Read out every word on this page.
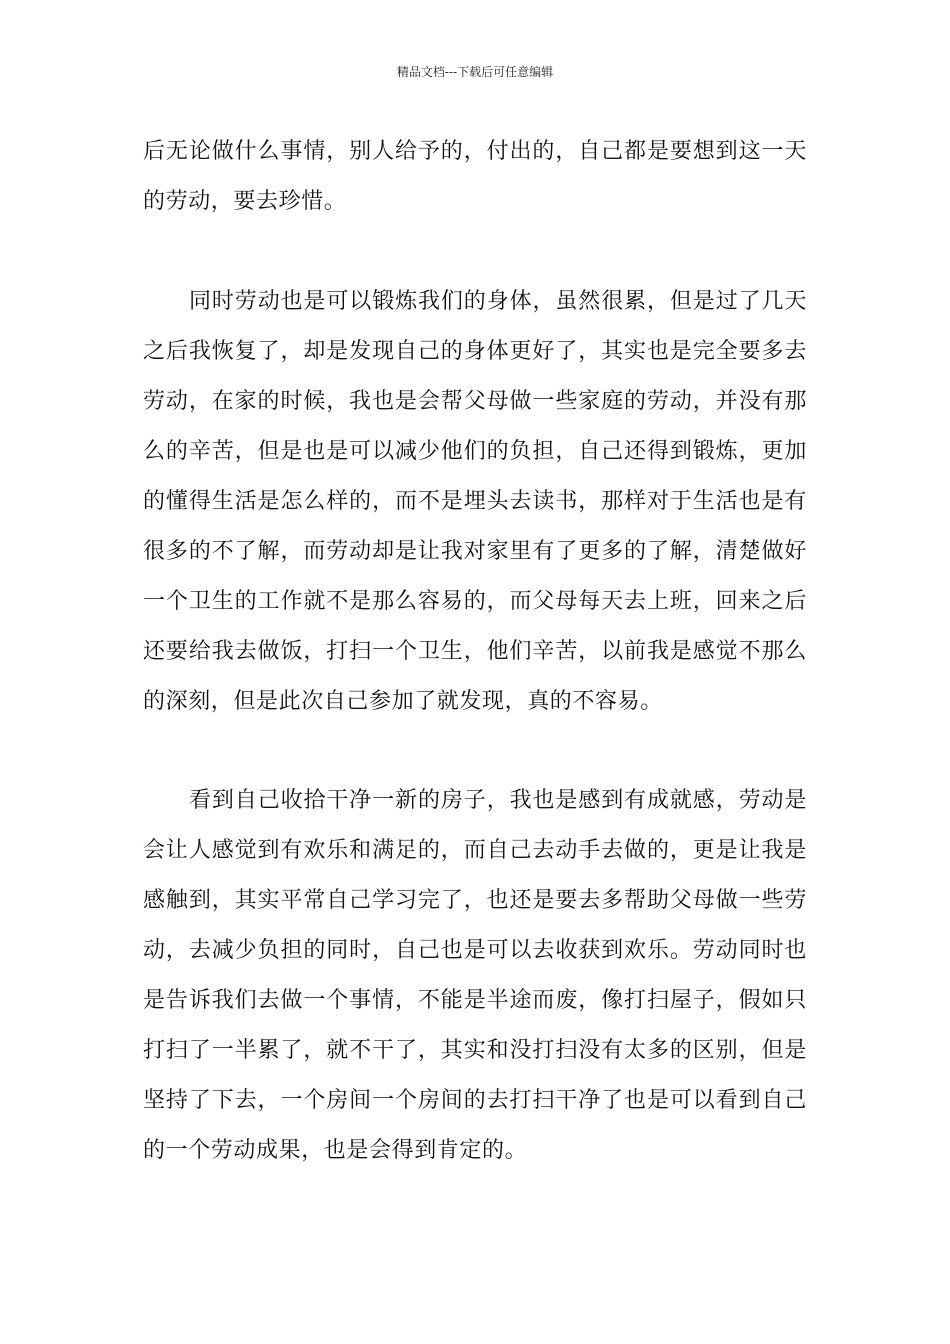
精品文档---下载后可任意编辑

后无论做什么事情，别人给予的，付出的，自己都是要想到这一天的劳动，要去珍惜。

同时劳动也是可以锻炼我们的身体，虽然很累，但是过了几天之后我恢复了，却是发现自己的身体更好了，其实也是完全要多去劳动，在家的时候，我也是会帮父母做一些家庭的劳动，并没有那么的辛苦，但是也是可以减少他们的负担，自己还得到锻炼，更加的懂得生活是怎么样的，而不是埋头去读书，那样对于生活也是有很多的不了解，而劳动却是让我对家里有了更多的了解，清楚做好一个卫生的工作就不是那么容易的，而父母每天去上班，回来之后还要给我去做饭，打扫一个卫生，他们辛苦，以前我是感觉不那么的深刻，但是此次自己参加了就发现，真的不容易。

看到自己收拾干净一新的房子，我也是感到有成就感，劳动是会让人感觉到有欢乐和满足的，而自己去动手去做的，更是让我是感触到，其实平常自己学习完了，也还是要去多帮助父母做一些劳动，去减少负担的同时，自己也是可以去收获到欢乐。劳动同时也是告诉我们去做一个事情，不能是半途而废，像打扫屋子，假如只打扫了一半累了，就不干了，其实和没打扫没有太多的区别，但是坚持了下去，一个房间一个房间的去打扫干净了也是可以看到自己的一个劳动成果，也是会得到肯定的。
